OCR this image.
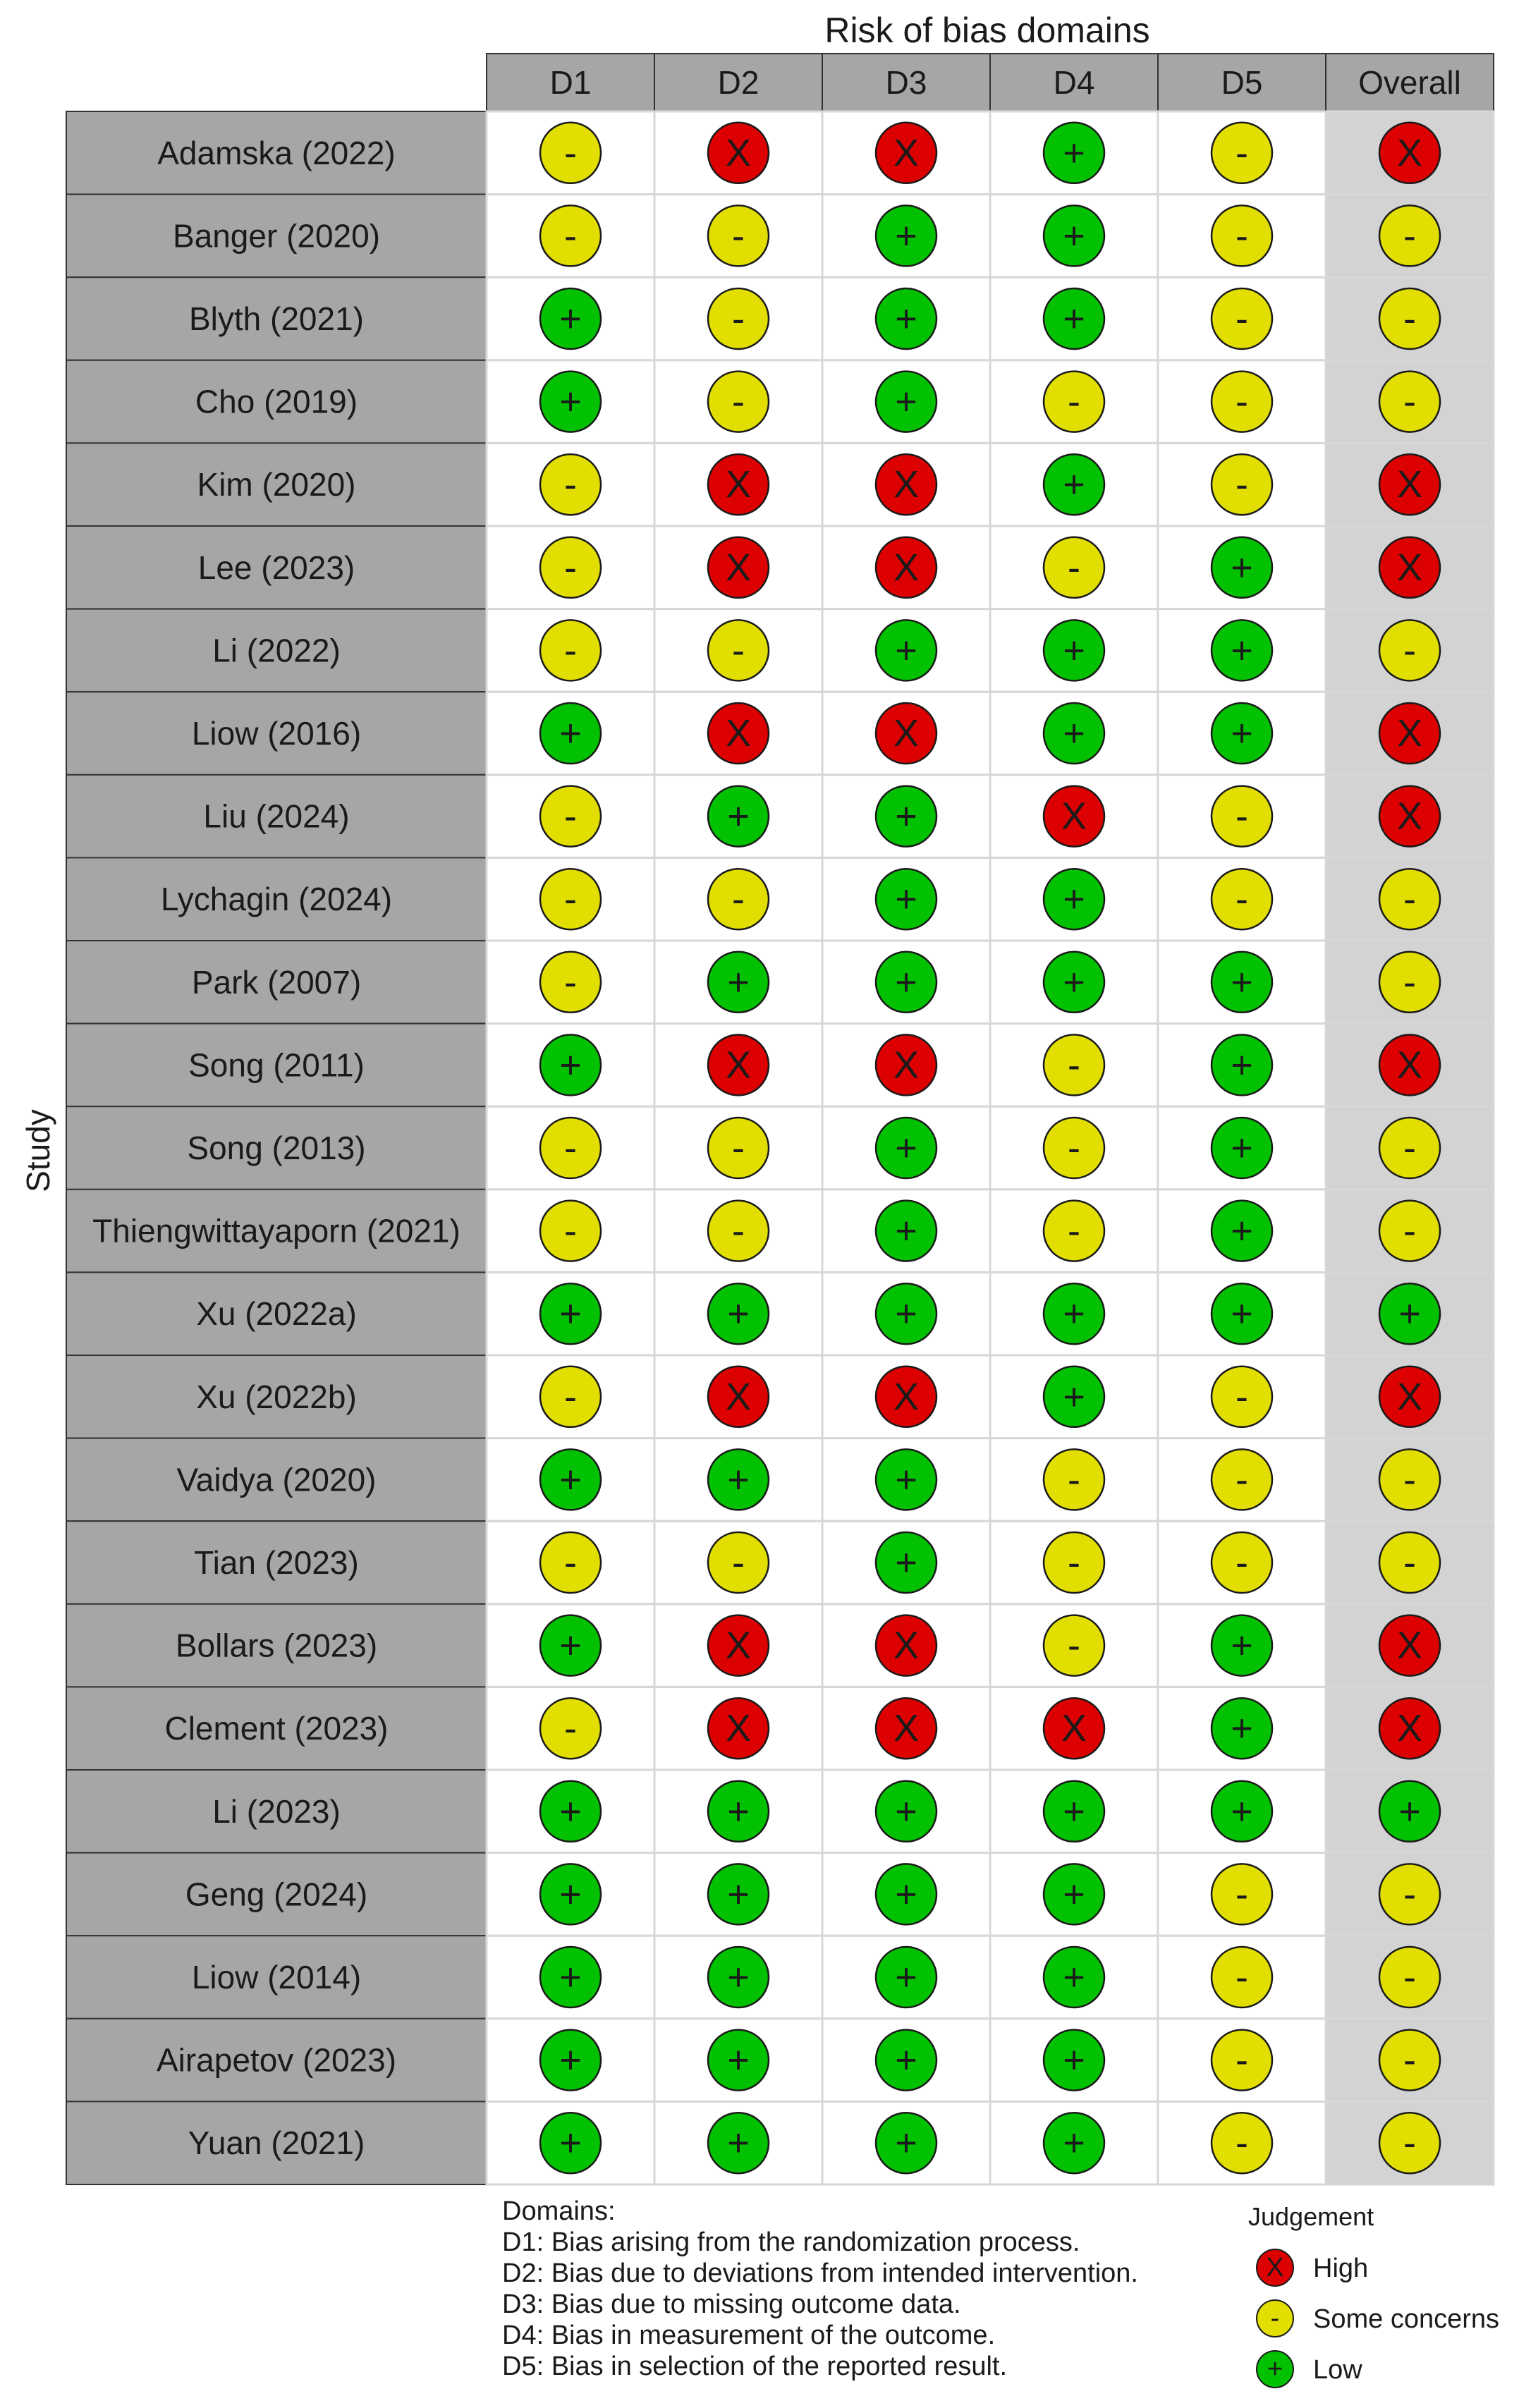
Risk of bias domains
Study
D1	D2	D3	D4	D5	Overall
Adamska (2022)	-	X	X	+	-	X
Banger (2020)	-	-	+	+	-	-
Blyth (2021)	+	-	+	+	-	-
Cho (2019)	+	-	+	-	-	-
Kim (2020)	-	X	X	+	-	X
Lee (2023)	-	X	X	-	+	X
Li (2022)	-	-	+	+	+	-
Liow (2016)	+	X	X	+	+	X
Liu (2024)	-	+	+	X	-	X
Lychagin (2024)	-	-	+	+	-	-
Park (2007)	-	+	+	+	+	-
Song (2011)	+	X	X	-	+	X
Song (2013)	-	-	+	-	+	-
Thiengwittayaporn (2021)	-	-	+	-	+	-
Xu (2022a)	+	+	+	+	+	+
Xu (2022b)	-	X	X	+	-	X
Vaidya (2020)	+	+	+	-	-	-
Tian (2023)	-	-	+	-	-	-
Bollars (2023)	+	X	X	-	+	X
Clement (2023)	-	X	X	X	+	X
Li (2023)	+	+	+	+	+	+
Geng (2024)	+	+	+	+	-	-
Liow (2014)	+	+	+	+	-	-
Airapetov (2023)	+	+	+	+	-	-
Yuan (2021)	+	+	+	+	-	-
Domains:
D1: Bias arising from the randomization process.
D2: Bias due to deviations from intended intervention.
D3: Bias due to missing outcome data.
D4: Bias in measurement of the outcome.
D5: Bias in selection of the reported result.
Judgement
X High
- Some concerns
+ Low
